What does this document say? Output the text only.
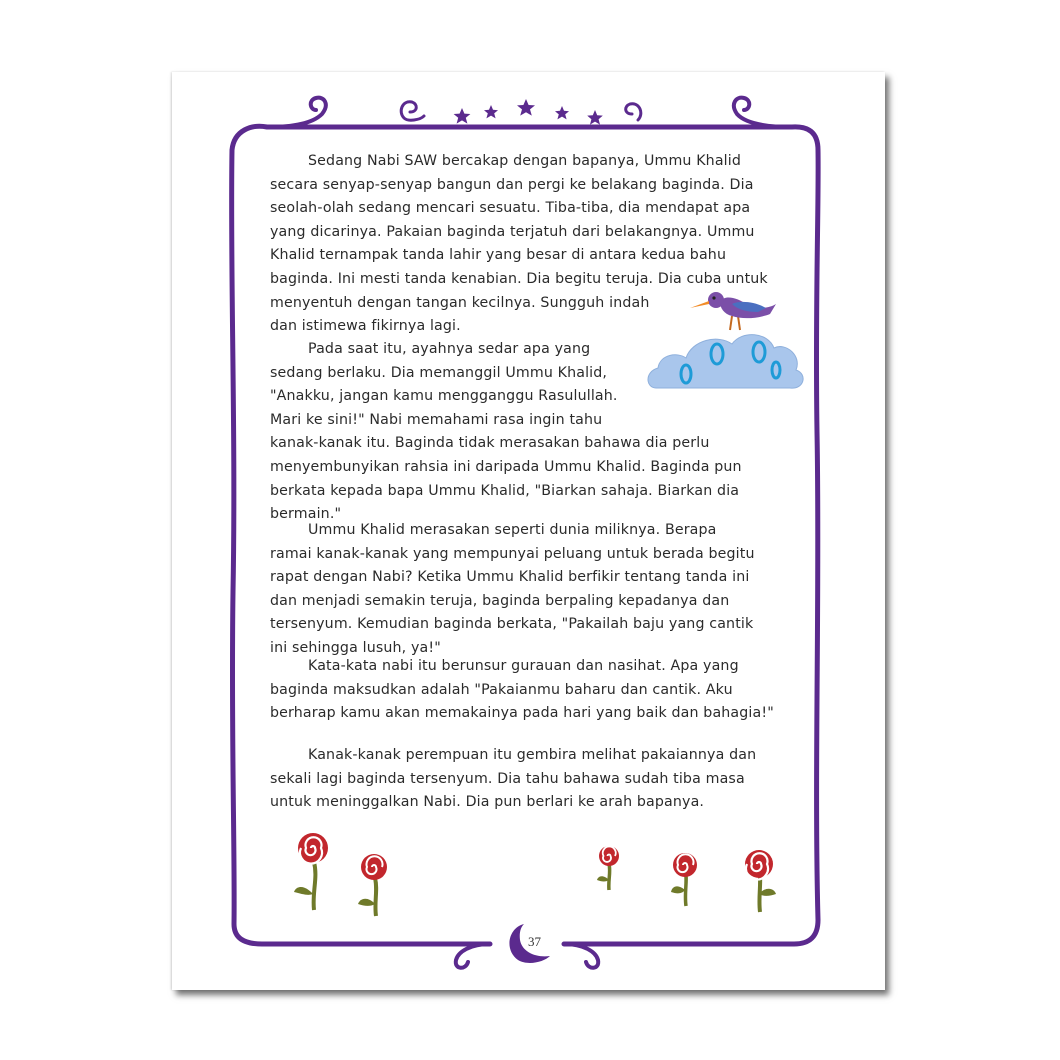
Sedang Nabi SAW bercakap dengan bapanya, Ummu Khalid
secara senyap-senyap bangun dan pergi ke belakang baginda. Dia
seolah-olah sedang mencari sesuatu. Tiba-tiba, dia mendapat apa
yang dicarinya. Pakaian baginda terjatuh dari belakangnya. Ummu
Khalid ternampak tanda lahir yang besar di antara kedua bahu
baginda. Ini mesti tanda kenabian. Dia begitu teruja. Dia cuba untuk
menyentuh dengan tangan kecilnya. Sungguh indah
dan istimewa fikirnya lagi.
Pada saat itu, ayahnya sedar apa yang
sedang berlaku. Dia memanggil Ummu Khalid,
"Anakku, jangan kamu mengganggu Rasulullah.
Mari ke sini!" Nabi memahami rasa ingin tahu
kanak-kanak itu. Baginda tidak merasakan bahawa dia perlu
menyembunyikan rahsia ini daripada Ummu Khalid. Baginda pun
berkata kepada bapa Ummu Khalid, "Biarkan sahaja. Biarkan dia
bermain."
Ummu Khalid merasakan seperti dunia miliknya. Berapa
ramai kanak-kanak yang mempunyai peluang untuk berada begitu
rapat dengan Nabi? Ketika Ummu Khalid berfikir tentang tanda ini
dan menjadi semakin teruja, baginda berpaling kepadanya dan
tersenyum. Kemudian baginda berkata, "Pakailah baju yang cantik
ini sehingga lusuh, ya!"
Kata-kata nabi itu berunsur gurauan dan nasihat. Apa yang
baginda maksudkan adalah "Pakaianmu baharu dan cantik. Aku
berharap kamu akan memakainya pada hari yang baik dan bahagia!"
Kanak-kanak perempuan itu gembira melihat pakaiannya dan
sekali lagi baginda tersenyum. Dia tahu bahawa sudah tiba masa
untuk meninggalkan Nabi. Dia pun berlari ke arah bapanya.
37
